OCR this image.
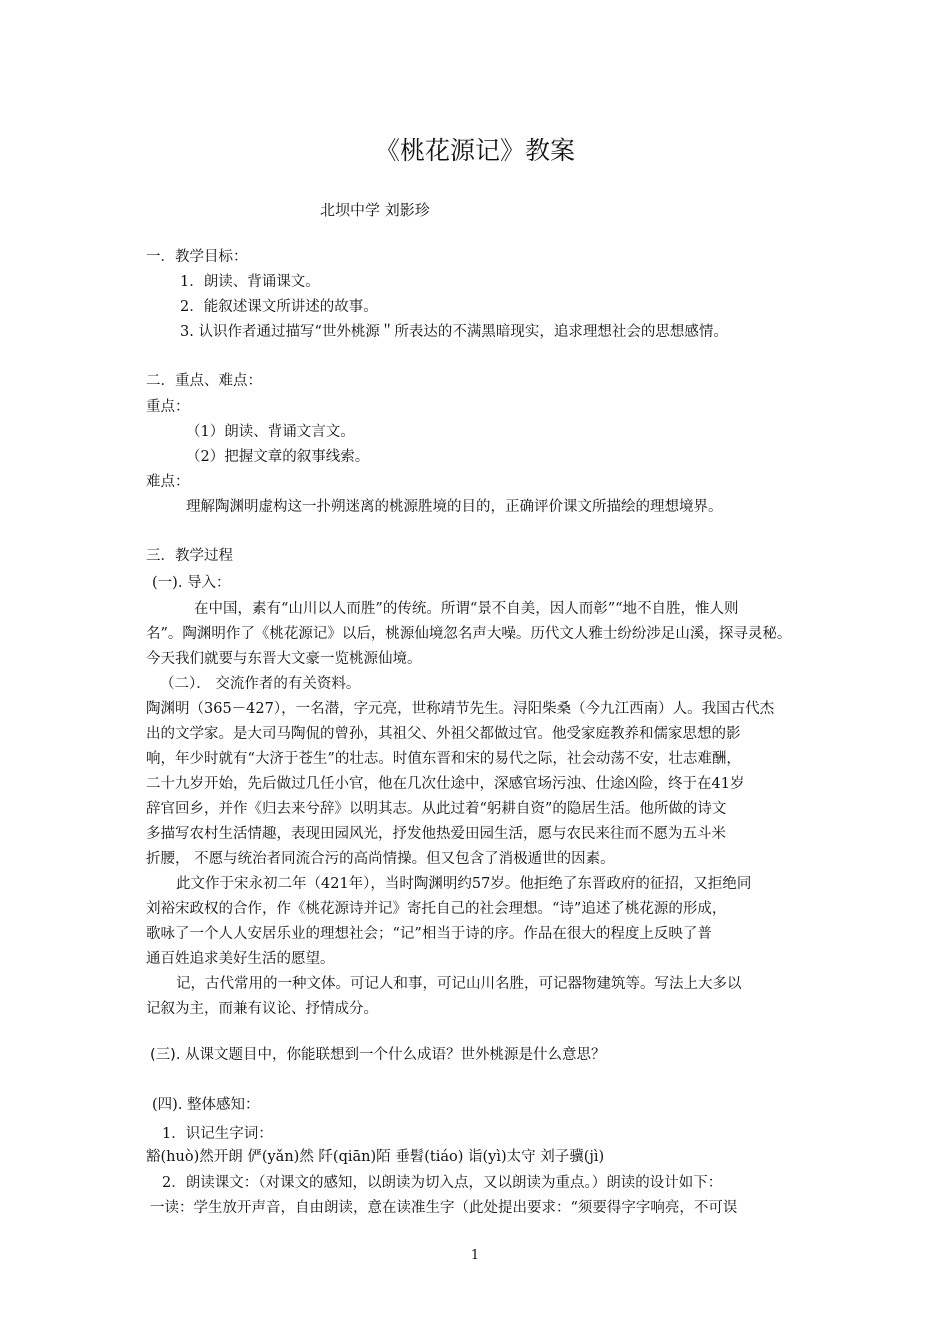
《桃花源记》教案
北坝中学 刘影珍
一．教学目标：
1．朗读、背诵课文。
2．能叙述课文所讲述的故事。
3. 认识作者通过描写“世外桃源＂所表达的不满黑暗现实，追求理想社会的思想感情。
二．重点、难点：
重点：
（1）朗读、背诵文言文。
（2）把握文章的叙事线索。
难点：
理解陶渊明虚构这一扑朔迷离的桃源胜境的目的，正确评价课文所描绘的理想境界。
三．教学过程
(一). 导入：
在中国，素有“山川以人而胜”的传统。所谓“景不自美，因人而彰”“地不自胜，惟人则
名”。陶渊明作了《桃花源记》以后，桃源仙境忽名声大噪。历代文人雅士纷纷涉足山溪，探寻灵秘。
今天我们就要与东晋大文豪一览桃源仙境。
（二）． 交流作者的有关资料。
陶渊明（365－427），一名潜，字元亮，世称靖节先生。浔阳柴桑（今九江西南）人。我国古代杰
出的文学家。是大司马陶侃的曾孙，其祖父、外祖父都做过官。他受家庭教养和儒家思想的影
响，年少时就有“大济于苍生”的壮志。时值东晋和宋的易代之际，社会动荡不安，壮志难酬，
二十九岁开始，先后做过几任小官，他在几次仕途中，深感官场污浊、仕途凶险，终于在41岁
辞官回乡，并作《归去来兮辞》以明其志。从此过着“躬耕自资”的隐居生活。他所做的诗文
多描写农村生活情趣，表现田园风光，抒发他热爱田园生活，愿与农民来往而不愿为五斗米
折腰， 不愿与统治者同流合污的高尚情操。但又包含了消极遁世的因素。
此文作于宋永初二年（421年），当时陶渊明约57岁。他拒绝了东晋政府的征招，又拒绝同
刘裕宋政权的合作，作《桃花源诗并记》寄托自己的社会理想。“诗”追述了桃花源的形成，
歌咏了一个人人安居乐业的理想社会；“记”相当于诗的序。作品在很大的程度上反映了普
通百姓追求美好生活的愿望。
记，古代常用的一种文体。可记人和事，可记山川名胜，可记器物建筑等。写法上大多以
记叙为主，而兼有议论、抒情成分。
(三). 从课文题目中，你能联想到一个什么成语？世外桃源是什么意思？
(四). 整体感知：
1．识记生字词：
豁(huò)然开朗 俨(yǎn)然 阡(qiān)陌 垂髫(tiáo) 诣(yì)太守 刘子骥(jì)
2．朗读课文：（对课文的感知，以朗读为切入点，又以朗读为重点。）朗读的设计如下：
一读：学生放开声音，自由朗读，意在读准生字（此处提出要求：“须要得字字响亮，不可误
1
